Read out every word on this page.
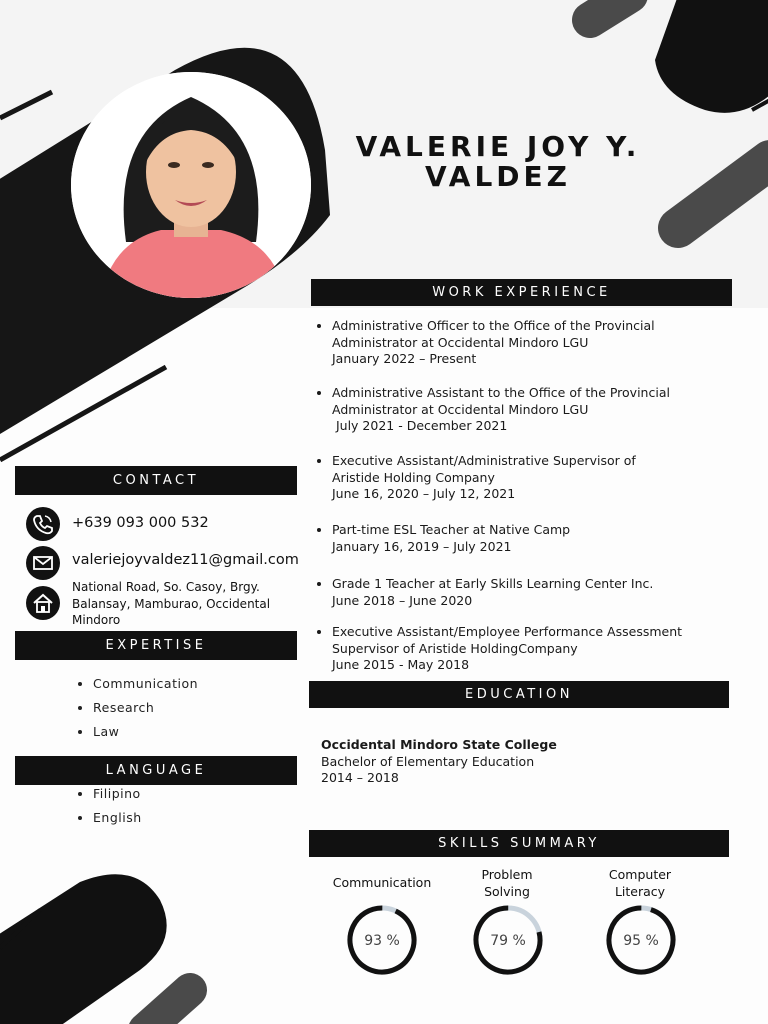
VALERIE JOY Y.
VALDEZ
WORK EXPERIENCE
• Administrative Officer to the Office of the Provincial
Administrator at Occidental Mindoro LGU
January 2022 – Present
• Administrative Assistant to the Office of the Provincial
Administrator at Occidental Mindoro LGU
July 2021 - December 2021
• Executive Assistant/Administrative Supervisor of
Aristide Holding Company
June 16, 2020 – July 12, 2021
• Part-time ESL Teacher at Native Camp
January 16, 2019 – July 2021
• Grade 1 Teacher at Early Skills Learning Center Inc.
June 2018 – June 2020
• Executive Assistant/Employee Performance Assessment
Supervisor of Aristide HoldingCompany
June 2015 - May 2018
CONTACT
+639 093 000 532
valeriejoyvaldez11@gmail.com
National Road, So. Casoy, Brgy. Balansay, Mamburao, Occidental Mindoro
EXPERTISE
• Communication
• Research
• Law
LANGUAGE
• Filipino
• English
EDUCATION
Occidental Mindoro State College
Bachelor of Elementary Education
2014 – 2018
SKILLS SUMMARY
Communication
Problem
Solving
Computer
Literacy
93 %	79 %	95 %
